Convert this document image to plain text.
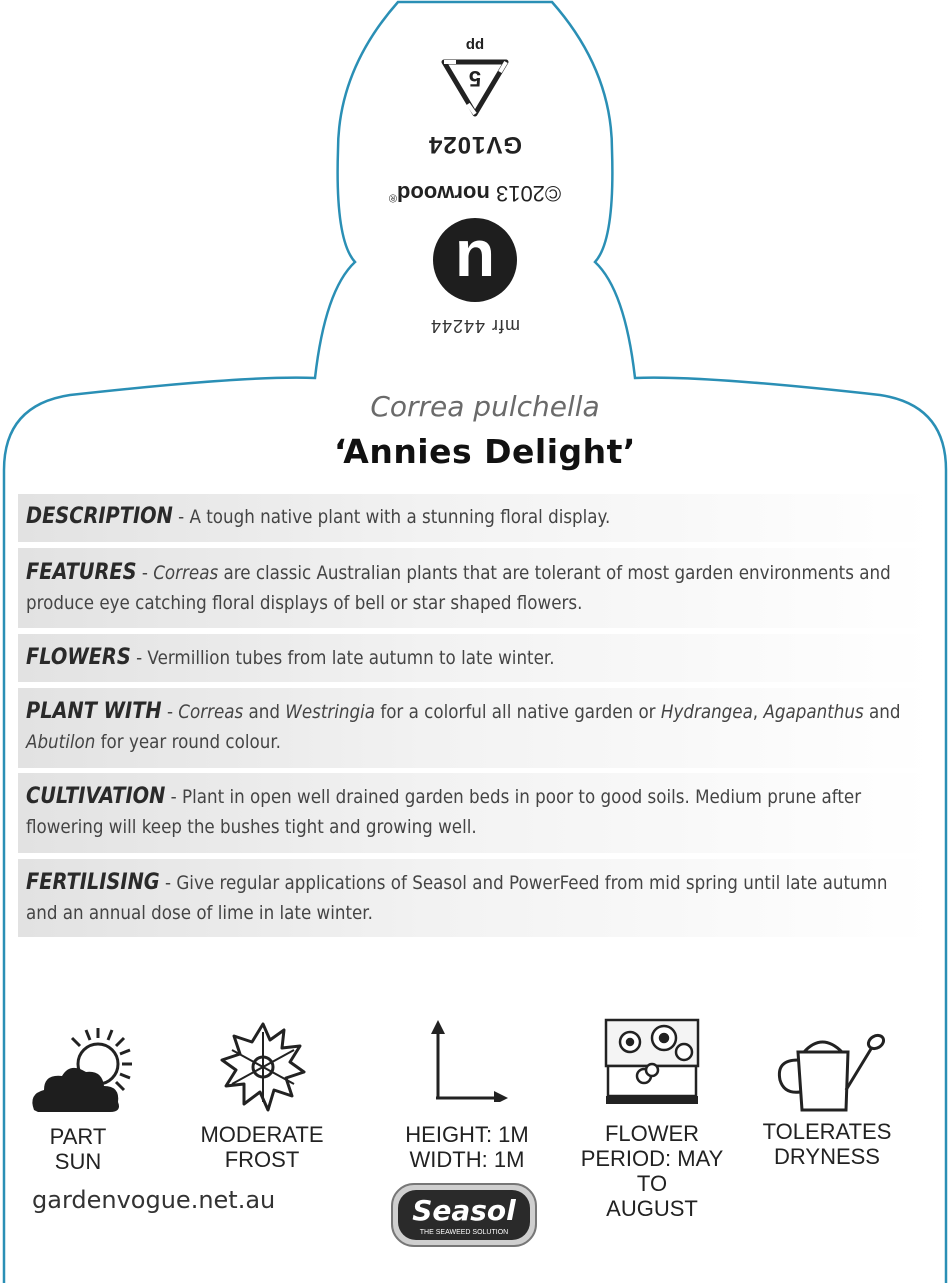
mfr 44244
u
©2013 norwood®
GV1024
5
pp
Correa pulchella
‘Annies Delight’
DESCRIPTION - A tough native plant with a stunning floral display.
FEATURES - Correas are classic Australian plants that are tolerant of most garden environments and produce eye catching floral displays of bell or star shaped flowers.
FLOWERS - Vermillion tubes from late autumn to late winter.
PLANT WITH - Correas and Westringia for a colorful all native garden or Hydrangea, Agapanthus and Abutilon for year round colour.
CULTIVATION - Plant in open well drained garden beds in poor to good soils. Medium prune after flowering will keep the bushes tight and growing well.
FERTILISING - Give regular applications of Seasol and PowerFeed from mid spring until late autumn and an annual dose of lime in late winter.
PART
SUN
MODERATE
FROST
HEIGHT: 1M
WIDTH: 1M
FLOWER
PERIOD: MAY TO
AUGUST
TOLERATES
DRYNESS
gardenvogue.net.au	Seasol
THE SEAWEED SOLUTION
